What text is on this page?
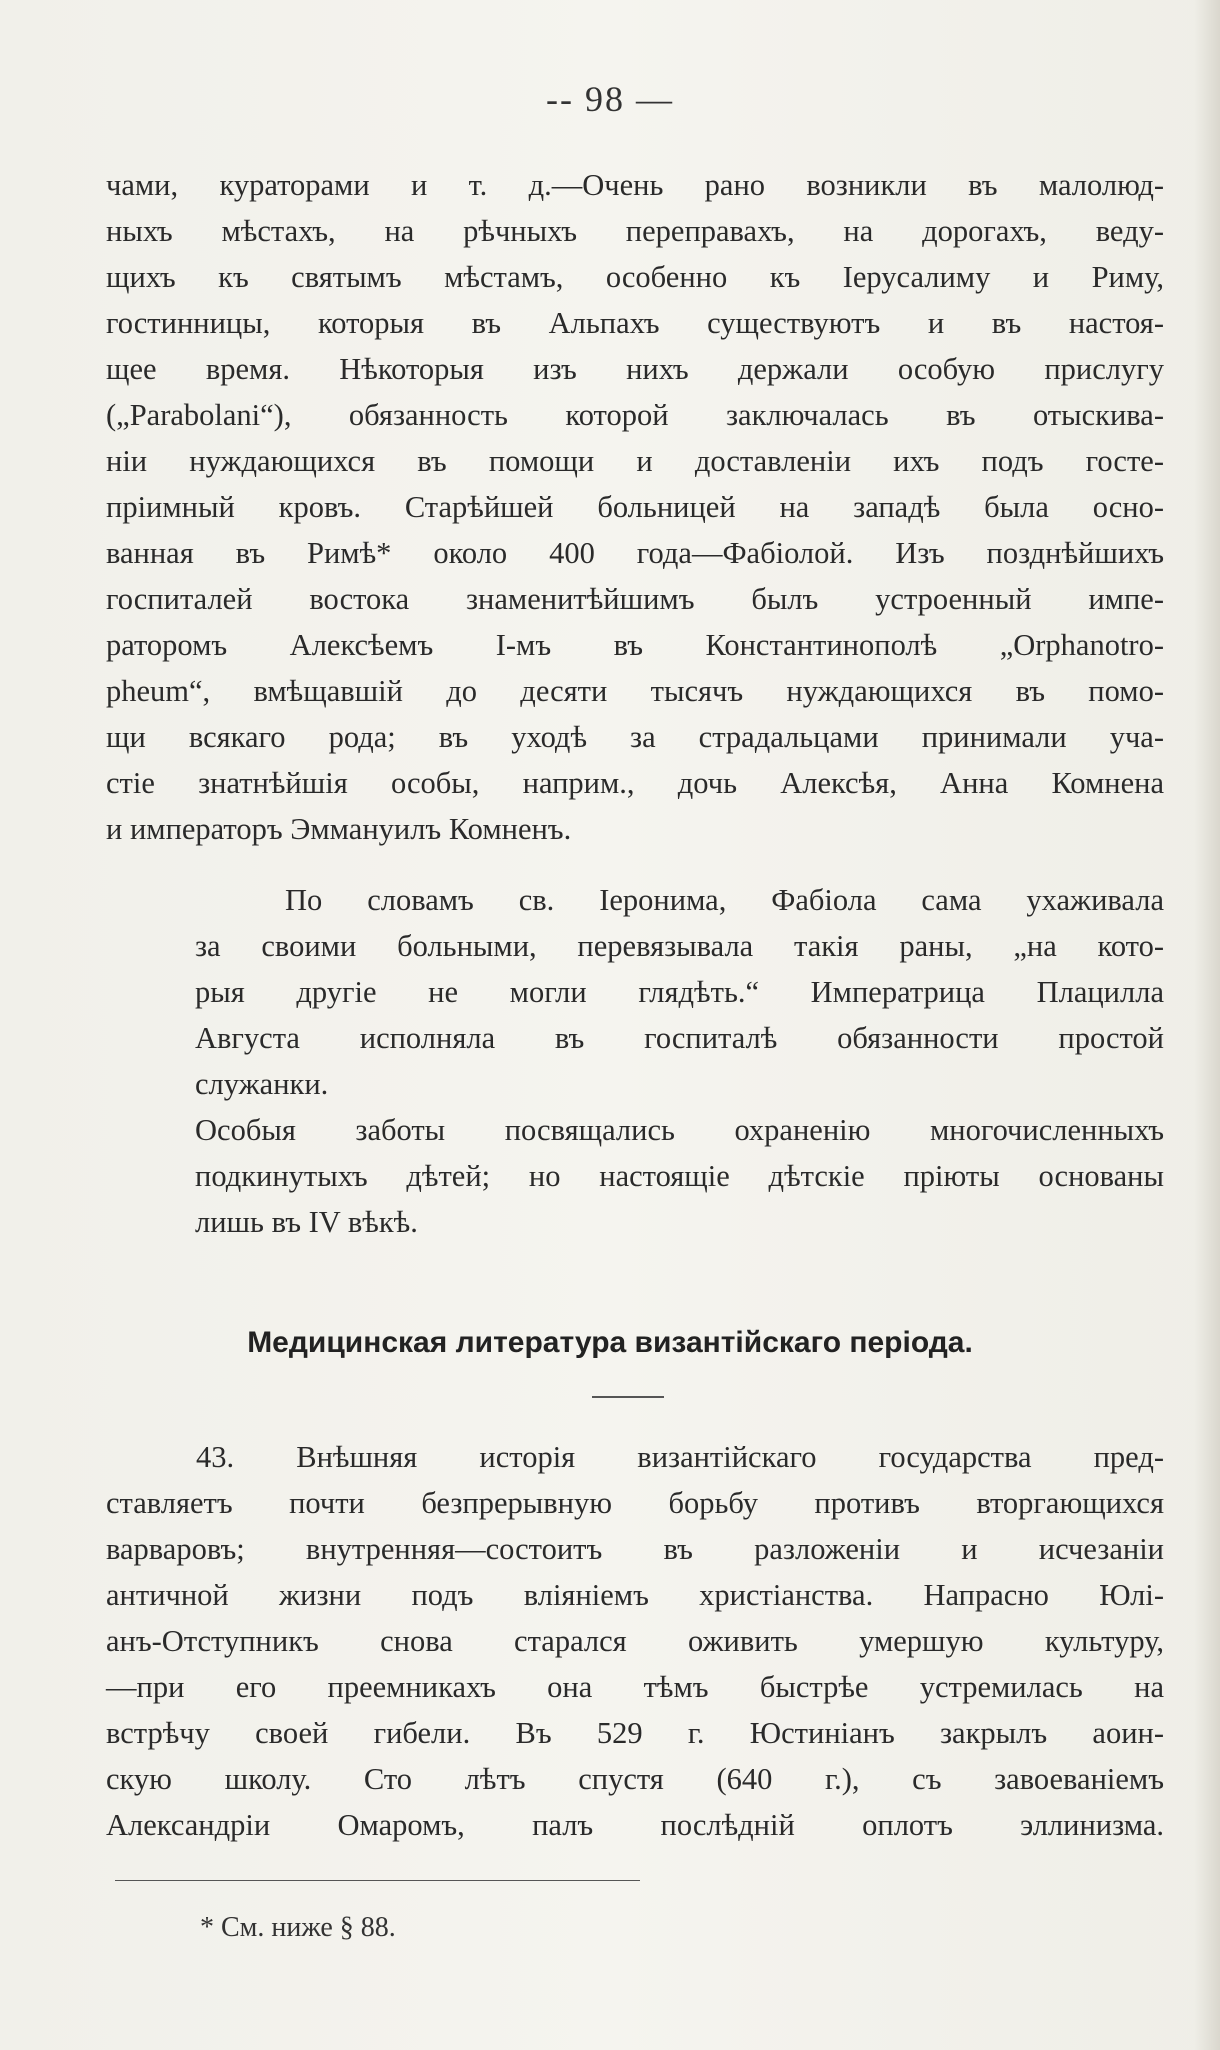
-- 98 —
чами, кураторами и т. д.—Очень рано возникли въ малолюд-
ныхъ мѣстахъ, на рѣчныхъ переправахъ, на дорогахъ, веду-
щихъ къ святымъ мѣстамъ, особенно къ Іерусалиму и Риму,
гостинницы, которыя въ Альпахъ существуютъ и въ настоя-
щее время. Нѣкоторыя изъ нихъ держали особую прислугу
(„Parabolani“), обязанность которой заключалась въ отыскива-
ніи нуждающихся въ помощи и доставленіи ихъ подъ госте-
пріимный кровъ. Старѣйшей больницей на западѣ была осно-
ванная въ Римѣ* около 400 года—Фабіолой. Изъ позднѣйшихъ
госпиталей востока знаменитѣйшимъ былъ устроенный импе-
раторомъ Алексѣемъ I-мъ въ Константинополѣ „Orphanotro-
pheum“, вмѣщавшій до десяти тысячъ нуждающихся въ помо-
щи всякаго рода; въ уходѣ за страдальцами принимали уча-
стіе знатнѣйшія особы, наприм., дочь Алексѣя, Анна Комнена
и императоръ Эммануилъ Комненъ.
По словамъ св. Іеронима, Фабіола сама ухаживала
за своими больными, перевязывала такія раны, „на кото-
рыя другіе не могли глядѣть.“ Императрица Плацилла
Августа исполняла въ госпиталѣ обязанности простой
служанки.
Особыя заботы посвящались охраненію многочисленныхъ
подкинутыхъ дѣтей; но настоящіе дѣтскіе пріюты основаны
лишь въ IV вѣкѣ.
Медицинская литература византійскаго періода.
43. Внѣшняя исторія византійскаго государства пред-
ставляетъ почти безпрерывную борьбу противъ вторгающихся
варваровъ; внутренняя—состоитъ въ разложеніи и исчезаніи
античной жизни подъ вліяніемъ христіанства. Напрасно Юлі-
анъ-Отступникъ снова старался оживить умершую культуру,
—при его преемникахъ она тѣмъ быстрѣе устремилась на
встрѣчу своей гибели. Въ 529 г. Юстиніанъ закрылъ аоин-
скую школу. Сто лѣтъ спустя (640 г.), съ завоеваніемъ
Александріи Омаромъ, палъ послѣдній оплотъ эллинизма.
* См. ниже § 88.
